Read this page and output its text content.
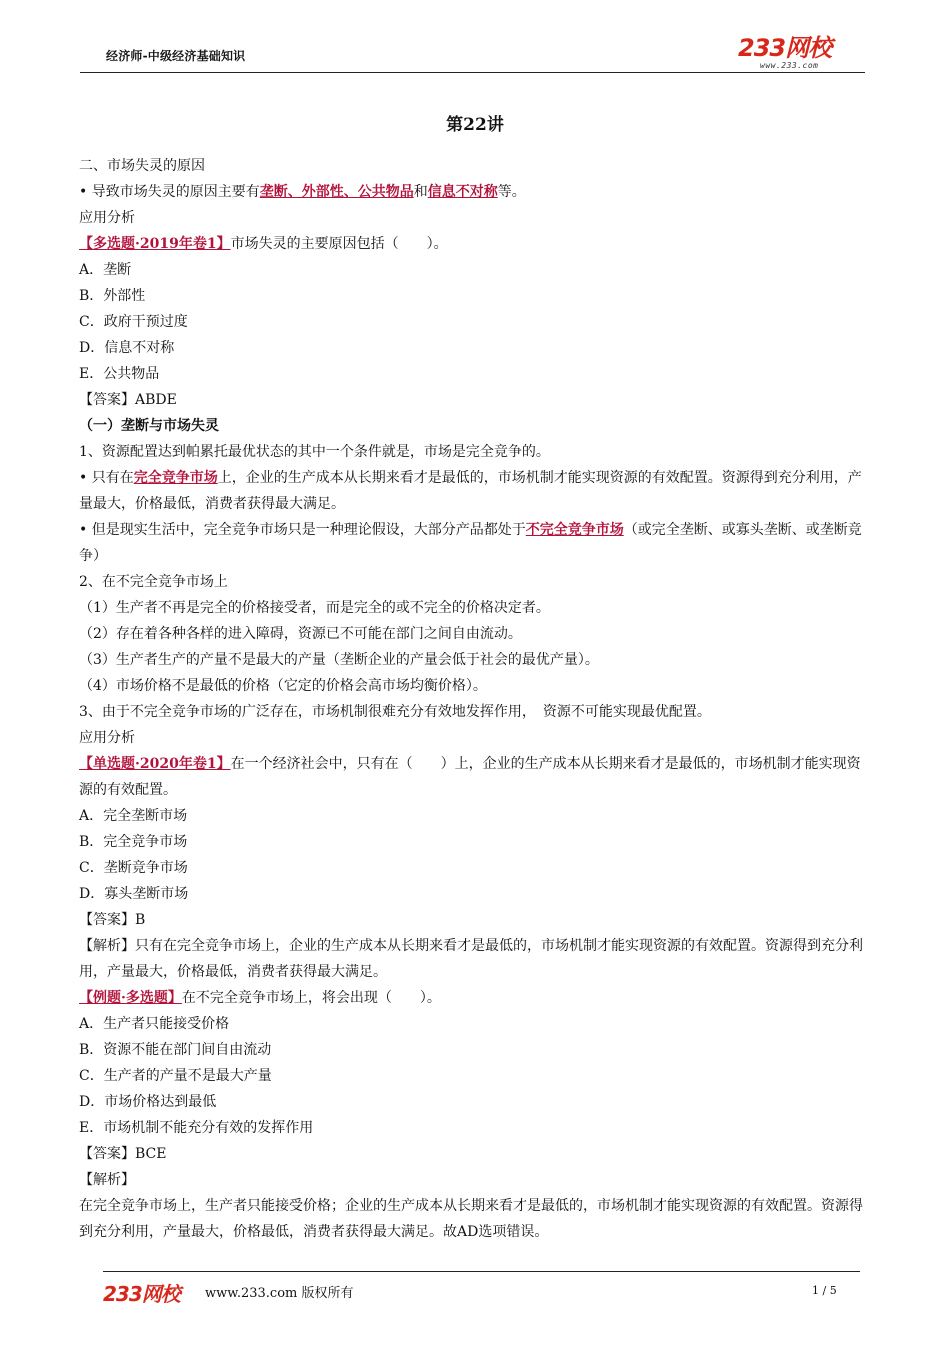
经济师-中级经济基础知识	233网校
www.233.com
第22讲

二、市场失灵的原因

• 导致市场失灵的原因主要有垄断、外部性、公共物品和信息不对称等。

应用分析

【多选题·2019年卷1】市场失灵的主要原因包括（　　）。

A．垄断

B．外部性

C．政府干预过度

D．信息不对称

E．公共物品

【答案】ABDE

（一）垄断与市场失灵

1、资源配置达到帕累托最优状态的其中一个条件就是，市场是完全竞争的。

• 只有在完全竞争市场上，企业的生产成本从长期来看才是最低的，市场机制才能实现资源的有效配置。资源得到充分利用，产量最大，价格最低，消费者获得最大满足。

• 但是现实生活中，完全竞争市场只是一种理论假设，大部分产品都处于不完全竞争市场（或完全垄断、或寡头垄断、或垄断竞争）

2、在不完全竞争市场上

（1）生产者不再是完全的价格接受者，而是完全的或不完全的价格决定者。

（2）存在着各种各样的进入障碍，资源已不可能在部门之间自由流动。

（3）生产者生产的产量不是最大的产量（垄断企业的产量会低于社会的最优产量）。

（4）市场价格不是最低的价格（它定的价格会高市场均衡价格）。

3、由于不完全竞争市场的广泛存在，市场机制很难充分有效地发挥作用，　资源不可能实现最优配置。

应用分析

【单选题·2020年卷1】在一个经济社会中，只有在（　　）上，企业的生产成本从长期来看才是最低的，市场机制才能实现资源的有效配置。

A．完全垄断市场

B．完全竞争市场

C．垄断竞争市场

D．寡头垄断市场

【答案】B

【解析】只有在完全竞争市场上，企业的生产成本从长期来看才是最低的，市场机制才能实现资源的有效配置。资源得到充分利用，产量最大，价格最低，消费者获得最大满足。

【例题·多选题】在不完全竞争市场上，将会出现（　　）。

A．生产者只能接受价格

B．资源不能在部门间自由流动

C．生产者的产量不是最大产量

D．市场价格达到最低

E．市场机制不能充分有效的发挥作用

【答案】BCE

【解析】

在完全竞争市场上，生产者只能接受价格；企业的生产成本从长期来看才是最低的，市场机制才能实现资源的有效配置。资源得到充分利用，产量最大，价格最低，消费者获得最大满足。故AD选项错误。

233网校 www.233.com 版权所有	1 / 5
